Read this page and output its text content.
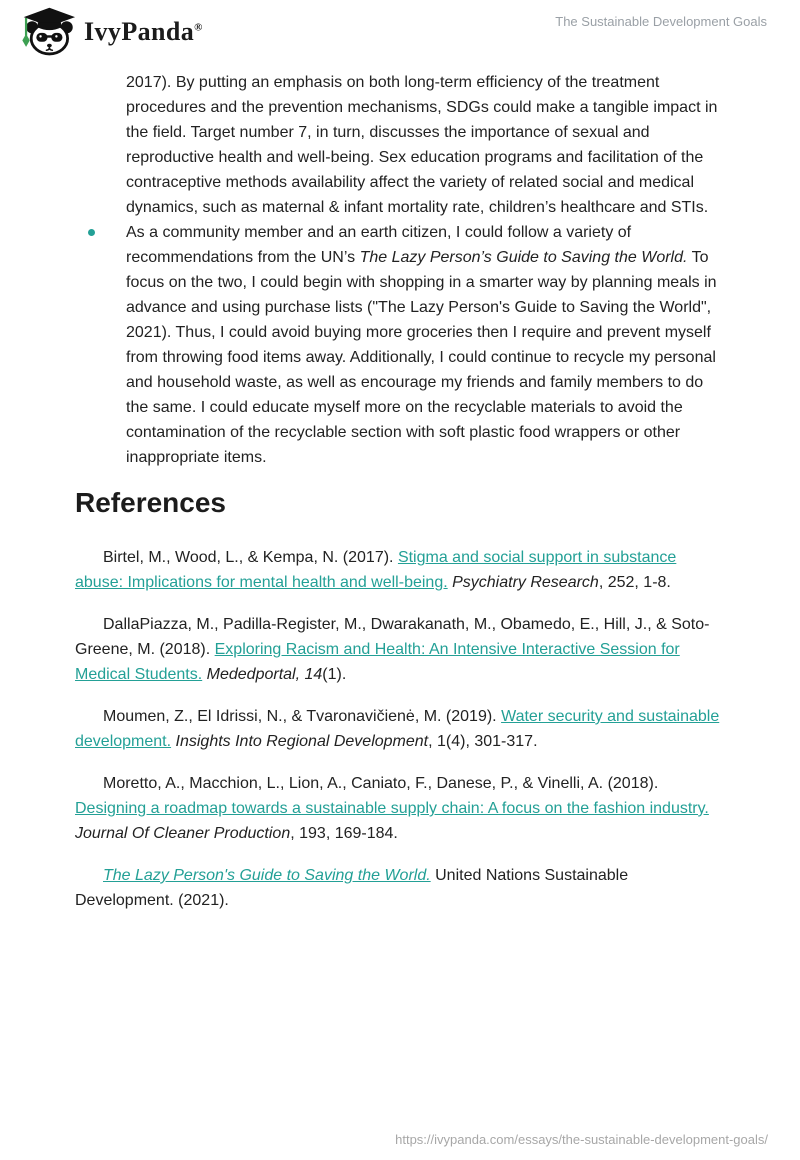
IvyPanda®	The Sustainable Development Goals
2017). By putting an emphasis on both long-term efficiency of the treatment procedures and the prevention mechanisms, SDGs could make a tangible impact in the field. Target number 7, in turn, discusses the importance of sexual and reproductive health and well-being. Sex education programs and facilitation of the contraceptive methods availability affect the variety of related social and medical dynamics, such as maternal & infant mortality rate, children’s healthcare and STIs.
As a community member and an earth citizen, I could follow a variety of recommendations from the UN’s The Lazy Person’s Guide to Saving the World. To focus on the two, I could begin with shopping in a smarter way by planning meals in advance and using purchase lists ("The Lazy Person's Guide to Saving the World", 2021). Thus, I could avoid buying more groceries then I require and prevent myself from throwing food items away. Additionally, I could continue to recycle my personal and household waste, as well as encourage my friends and family members to do the same. I could educate myself more on the recyclable materials to avoid the contamination of the recyclable section with soft plastic food wrappers or other inappropriate items.
References

Birtel, M., Wood, L., & Kempa, N. (2017). Stigma and social support in substance abuse: Implications for mental health and well-being. Psychiatry Research, 252, 1-8.

DallaPiazza, M., Padilla-Register, M., Dwarakanath, M., Obamedo, E., Hill, J., & Soto-Greene, M. (2018). Exploring Racism and Health: An Intensive Interactive Session for Medical Students. Mededportal, 14(1).

Moumen, Z., El Idrissi, N., & Tvaronavičienė, M. (2019). Water security and sustainable development. Insights Into Regional Development, 1(4), 301-317.

Moretto, A., Macchion, L., Lion, A., Caniato, F., Danese, P., & Vinelli, A. (2018). Designing a roadmap towards a sustainable supply chain: A focus on the fashion industry. Journal Of Cleaner Production, 193, 169-184.

The Lazy Person's Guide to Saving the World. United Nations Sustainable Development. (2021).

https://ivypanda.com/essays/the-sustainable-development-goals/
